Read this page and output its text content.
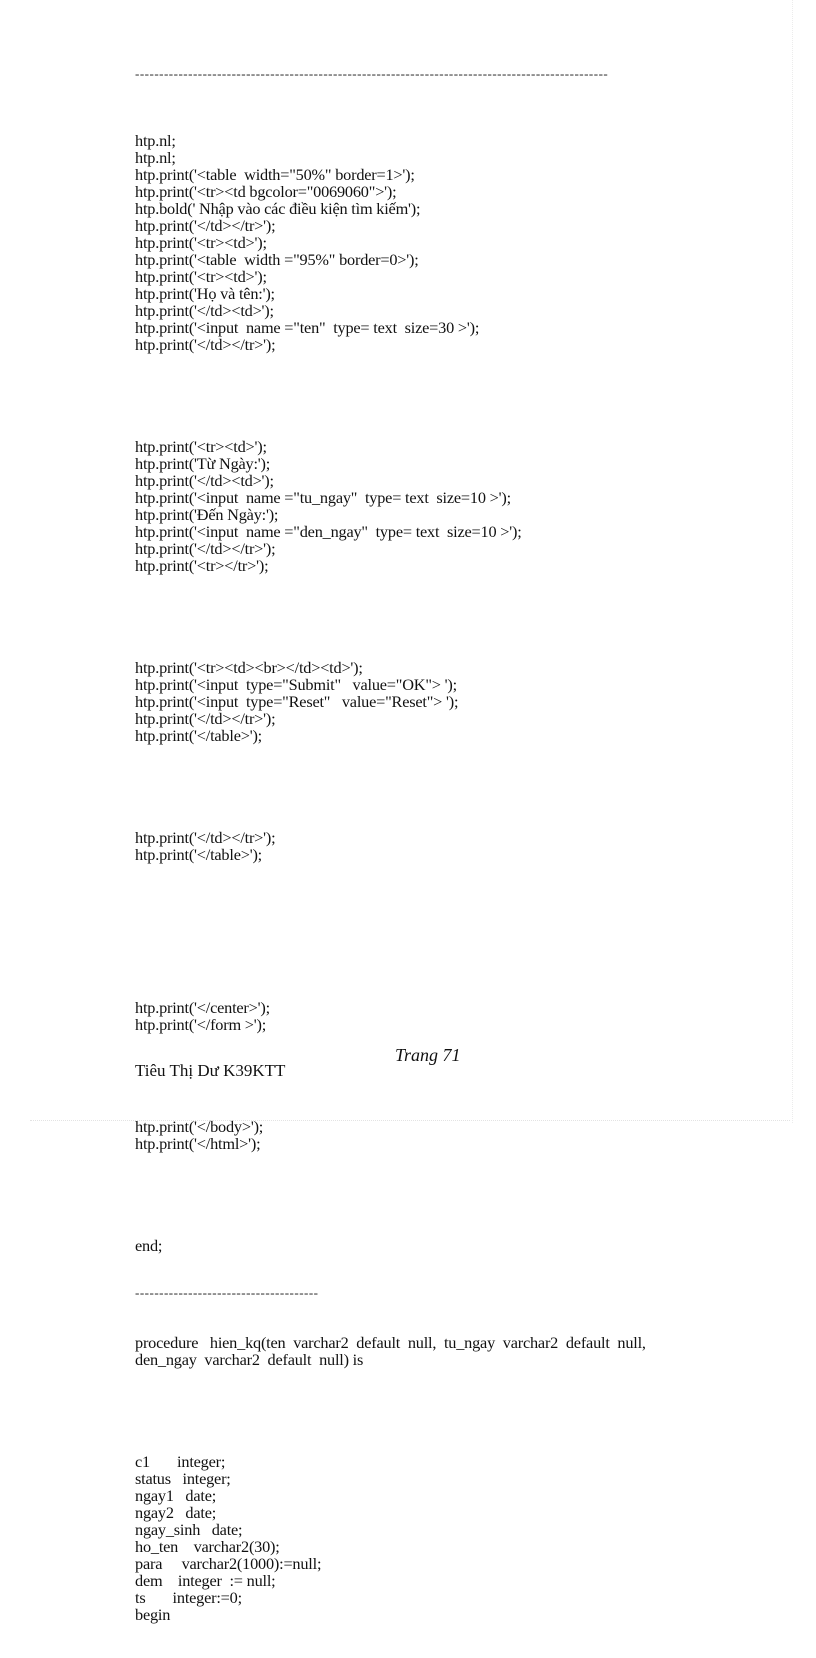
--------------------------------------------------------------------------------------------------

htp.nl;
htp.nl;
htp.print('<table  width="50%" border=1>');
htp.print('<tr><td bgcolor="0069060">');
htp.bold(' Nhập vào các điều kiện tìm kiếm');
htp.print('</td></tr>');
htp.print('<tr><td>');
htp.print('<table  width ="95%" border=0>');
htp.print('<tr><td>');
htp.print('Họ và tên:');
htp.print('</td><td>');
htp.print('<input  name ="ten"  type= text  size=30 >');
htp.print('</td></tr>');

htp.print('<tr><td>');
htp.print('Từ Ngày:');
htp.print('</td><td>');
htp.print('<input  name ="tu_ngay"  type= text  size=10 >');
htp.print('Đến Ngày:');
htp.print('<input  name ="den_ngay"  type= text  size=10 >');
htp.print('</td></tr>');
htp.print('<tr></tr>');

htp.print('<tr><td><br></td><td>');
htp.print('<input  type="Submit"   value="OK"> ');
htp.print('<input  type="Reset"   value="Reset"> ');
htp.print('</td></tr>');
htp.print('</table>');

htp.print('</td></tr>');
htp.print('</table>');

htp.print('</center>');
htp.print('</form >');

htp.print('</body>');
htp.print('</html>');

end;

--------------------------------------

procedure   hien_kq(ten  varchar2  default  null,  tu_ngay  varchar2  default  null,
den_ngay  varchar2  default  null) is

c1       integer;
status   integer;
ngay1   date;
ngay2   date;
ngay_sinh   date;
ho_ten    varchar2(30);
para     varchar2(1000):=null;
dem    integer  := null;
ts       integer:=0;
begin

Trang 71
Tiêu Thị Dư K39KTT
